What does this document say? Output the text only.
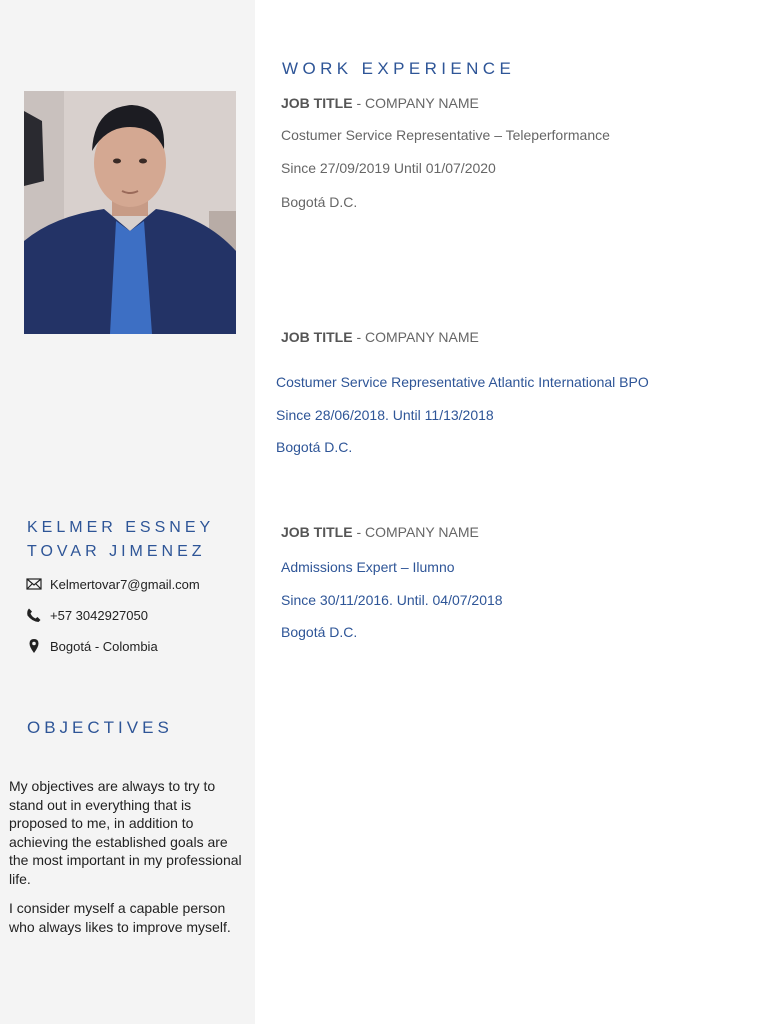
KELMER ESSNEY
TOVAR JIMENEZ
Kelmertovar7@gmail.com
+57 3042927050
Bogotá - Colombia
OBJECTIVES

My objectives are always to try to stand out in everything that is proposed to me, in addition to achieving the established goals are the most important in my professional life.

I consider myself a capable person who always likes to improve myself.

WORK EXPERIENCE
JOB TITLE - COMPANY NAME
Costumer Service Representative – Teleperformance
Since 27/09/2019 Until 01/07/2020
Bogotá D.C.
JOB TITLE - COMPANY NAME
Costumer Service Representative Atlantic International BPO
Since 28/06/2018. Until 11/13/2018
Bogotá D.C.
JOB TITLE - COMPANY NAME
Admissions Expert – Ilumno
Since 30/11/2016. Until. 04/07/2018
Bogotá D.C.
